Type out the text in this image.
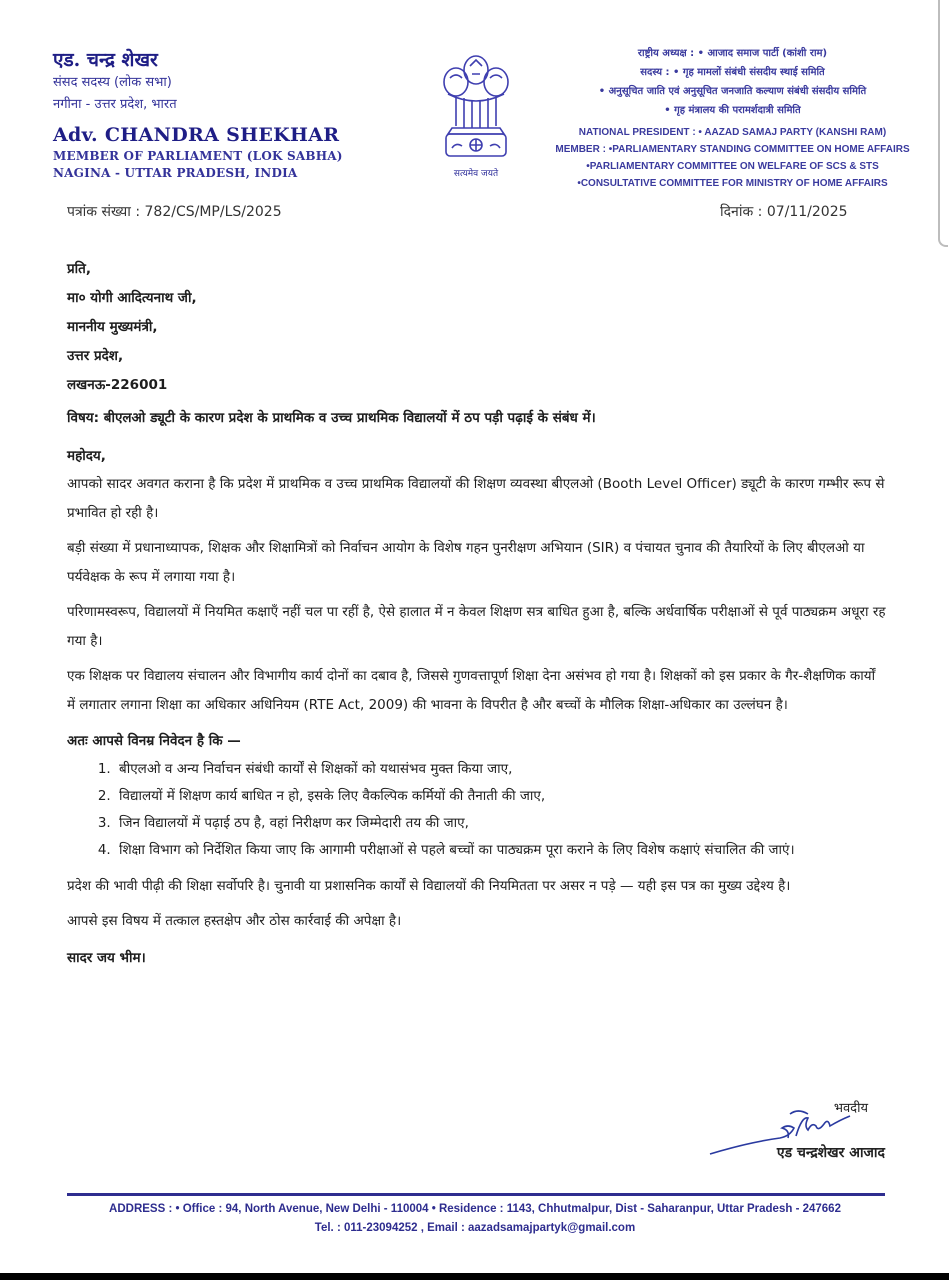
एड. चन्द्र शेखर
संसद सदस्य (लोक सभा)
नगीना - उत्तर प्रदेश, भारत
Adv. CHANDRA SHEKHAR
MEMBER OF PARLIAMENT (LOK SABHA)
NAGINA - UTTAR PRADESH, INDIA
पत्रांक संख्या : 782/CS/MP/LS/2025
सत्यमेव जयते
राष्ट्रीय अध्यक्ष : • आजाद समाज पार्टी (कांशी राम)
सदस्य : • गृह मामलों संबंधी संसदीय स्थाई समिति
• अनुसूचित जाति एवं अनुसूचित जनजाति कल्याण संबंधी संसदीय समिति
• गृह मंत्रालय की परामर्शदात्री समिति
NATIONAL PRESIDENT : • AAZAD SAMAJ PARTY (KANSHI RAM)
MEMBER : •PARLIAMENTARY STANDING COMMITTEE ON HOME AFFAIRS
•PARLIAMENTARY COMMITTEE ON WELFARE OF SCS & STS
•CONSULTATIVE COMMITTEE FOR MINISTRY OF HOME AFFAIRS
दिनांक : 07/11/2025
प्रति,
मा० योगी आदित्यनाथ जी,
माननीय मुख्यमंत्री,
उत्तर प्रदेश,
लखनऊ-226001
विषय: बीएलओ ड्यूटी के कारण प्रदेश के प्राथमिक व उच्च प्राथमिक विद्यालयों में ठप पड़ी पढ़ाई के संबंध में।
महोदय,
आपको सादर अवगत कराना है कि प्रदेश में प्राथमिक व उच्च प्राथमिक विद्यालयों की शिक्षण व्यवस्था बीएलओ (Booth Level Officer) ड्यूटी के कारण गम्भीर रूप से प्रभावित हो रही है।
बड़ी संख्या में प्रधानाध्यापक, शिक्षक और शिक्षामित्रों को निर्वाचन आयोग के विशेष गहन पुनरीक्षण अभियान (SIR) व पंचायत चुनाव की तैयारियों के लिए बीएलओ या पर्यवेक्षक के रूप में लगाया गया है।
परिणामस्वरूप, विद्यालयों में नियमित कक्षाएँ नहीं चल पा रहीं है, ऐसे हालात में न केवल शिक्षण सत्र बाधित हुआ है, बल्कि अर्धवार्षिक परीक्षाओं से पूर्व पाठ्यक्रम अधूरा रह गया है।
एक शिक्षक पर विद्यालय संचालन और विभागीय कार्य दोनों का दबाव है, जिससे गुणवत्तापूर्ण शिक्षा देना असंभव हो गया है। शिक्षकों को इस प्रकार के गैर-शैक्षणिक कार्यों में लगातार लगाना शिक्षा का अधिकार अधिनियम (RTE Act, 2009) की भावना के विपरीत है और बच्चों के मौलिक शिक्षा-अधिकार का उल्लंघन है।
अतः आपसे विनम्र निवेदन है कि —
1. बीएलओ व अन्य निर्वाचन संबंधी कार्यों से शिक्षकों को यथासंभव मुक्त किया जाए,
2. विद्यालयों में शिक्षण कार्य बाधित न हो, इसके लिए वैकल्पिक कर्मियों की तैनाती की जाए,
3. जिन विद्यालयों में पढ़ाई ठप है, वहां निरीक्षण कर जिम्मेदारी तय की जाए,
4. शिक्षा विभाग को निर्देशित किया जाए कि आगामी परीक्षाओं से पहले बच्चों का पाठ्यक्रम पूरा कराने के लिए विशेष कक्षाएं संचालित की जाएं।
प्रदेश की भावी पीढ़ी की शिक्षा सर्वोपरि है। चुनावी या प्रशासनिक कार्यों से विद्यालयों की नियमितता पर असर न पड़े — यही इस पत्र का मुख्य उद्देश्य है।
आपसे इस विषय में तत्काल हस्तक्षेप और ठोस कार्रवाई की अपेक्षा है।
सादर जय भीम।
भवदीय
एड चन्द्रशेखर आजाद
ADDRESS : • Office : 94, North Avenue, New Delhi - 110004 • Residence : 1143, Chhutmalpur, Dist - Saharanpur, Uttar Pradesh - 247662
Tel. : 011-23094252 , Email : aazadsamajpartyk@gmail.com
